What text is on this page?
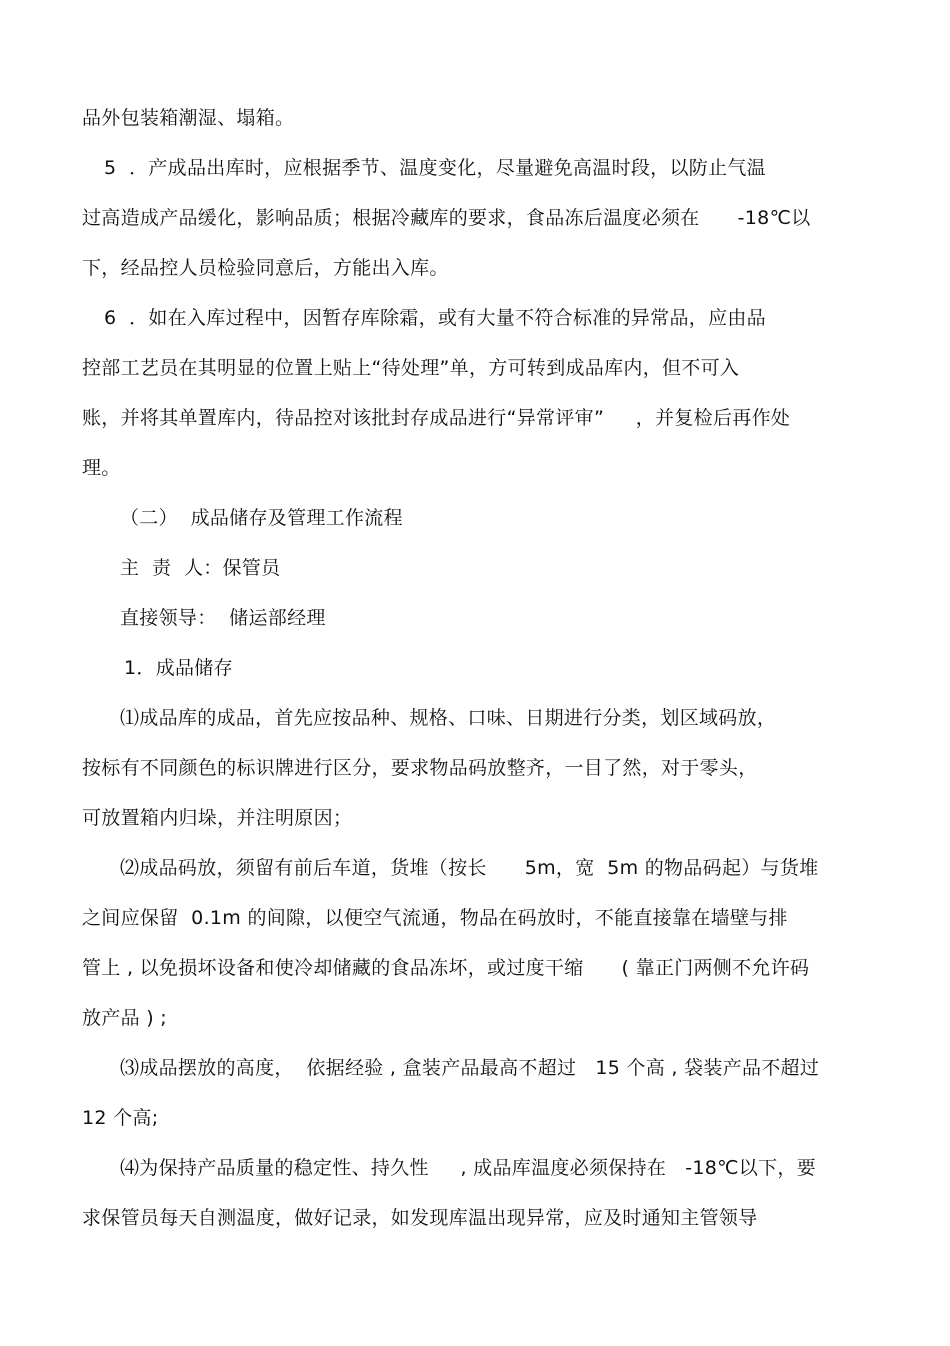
品外包装箱潮湿、塌箱。
5  ．产成品出库时，应根据季节、温度变化，尽量避免高温时段，以防止气温
过高造成产品缓化，影响品质；根据冷藏库的要求，食品冻后温度必须在      -18℃以
下，经品控人员检验同意后，方能出入库。
6  ．如在入库过程中，因暂存库除霜，或有大量不符合标准的异常品，应由品
控部工艺员在其明显的位置上贴上“待处理”单，方可转到成品库内，但不可入
账，并将其单置库内，待品控对该批封存成品进行“异常评审”     ，并复检后再作处
理。
（二）  成品储存及管理工作流程
主  责  人：保管员
直接领导：  储运部经理
1．成品储存
⑴成品库的成品，首先应按品种、规格、口味、日期进行分类，划区域码放，
按标有不同颜色的标识牌进行区分，要求物品码放整齐，一目了然，对于零头，
可放置箱内归垛，并注明原因；
⑵成品码放，须留有前后车道，货堆（按长      5m，宽  5m 的物品码起）与货堆
之间应保留  0.1m 的间隙，以便空气流通，物品在码放时，不能直接靠在墙壁与排
管上 , 以免损坏设备和使冷却储藏的食品冻坏，或过度干缩      ( 靠正门两侧不允许码
放产品 ) ;
⑶成品摆放的高度，  依据经验 , 盒装产品最高不超过   15 个高 , 袋装产品不超过
12 个高;
⑷为保持产品质量的稳定性、持久性     , 成品库温度必须保持在   -18℃以下，要
求保管员每天自测温度，做好记录，如发现库温出现异常，应及时通知主管领导
